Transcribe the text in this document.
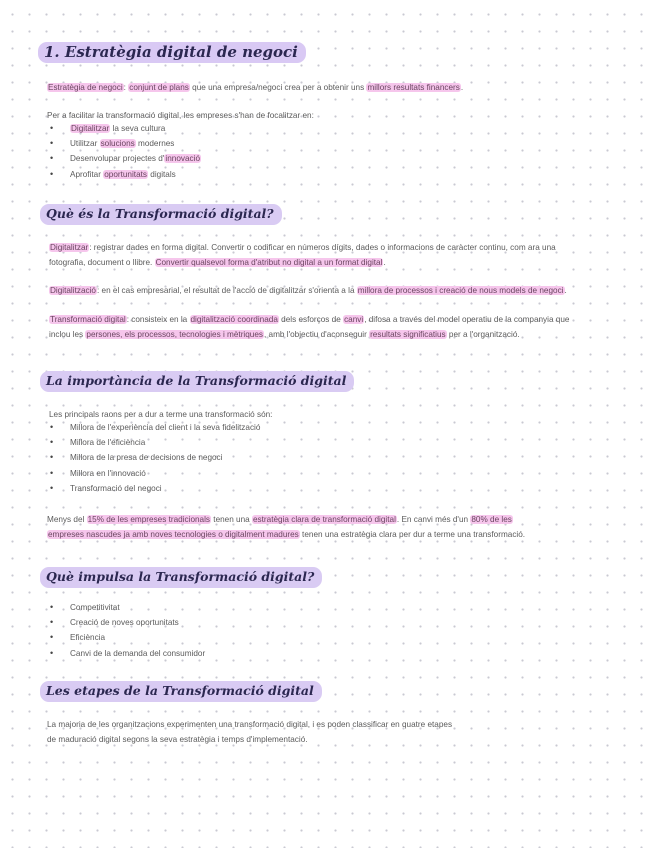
1. Estratègia digital de negoci
Estratègia de negoci: conjunt de plans que una empresa/negoci crea per a obtenir uns millors resultats financers.
Per a facilitar la transformació digital, les empreses s'han de focalitzar en:
• Digitalitzar la seva cultura
• Utilitzar solucions modernes
• Desenvolupar projectes d'innovació
• Aprofitar oportunitats digitals
Què és la Transformació digital?
Digitalitzar: registrar dades en forma digital. Convertir o codificar en números dígits, dades o informacions de caràcter continu, com ara una
fotografia, document o llibre. Convertir qualsevol forma d'atribut no digital a un format digital.
Digitalització: en el cas empresarial, el resultat de l'acció de digitalitzar s'orienta a la millora de processos i creació de nous models de negoci.
Transformació digital: consisteix en la digitalització coordinada dels esforços de canvi, difosa a través del model operatiu de la companyia que
inclou les persones, els processos, tecnologies i mètriques, amb l'objectiu d'aconseguir resultats significatius per a l'organització.
La importància de la Transformació digital
Les principals raons per a dur a terme una transformació són:
• Millora de l'experiència del client i la seva fidelització
• Millora de l'eficiència
• Millora de la presa de decisions de negoci
• Millora en l'innovació
• Transformació del negoci
Menys del 15% de les empreses tradicionals tenen una estratègia clara de transformació digital. En canvi més d'un 80% de les
empreses nascudes ja amb noves tecnologies o digitalment madures tenen una estratègia clara per dur a terme una transformació.
Què impulsa la Transformació digital?
• Competitivitat
• Creació de noves oportunitats
• Eficiència
• Canvi de la demanda del consumidor
Les etapes de la Transformació digital
La majoria de les organitzacions experimenten una transformació digital, i es poden classificar en quatre etapes
de maduració digital segons la seva estratègia i temps d'implementació.
